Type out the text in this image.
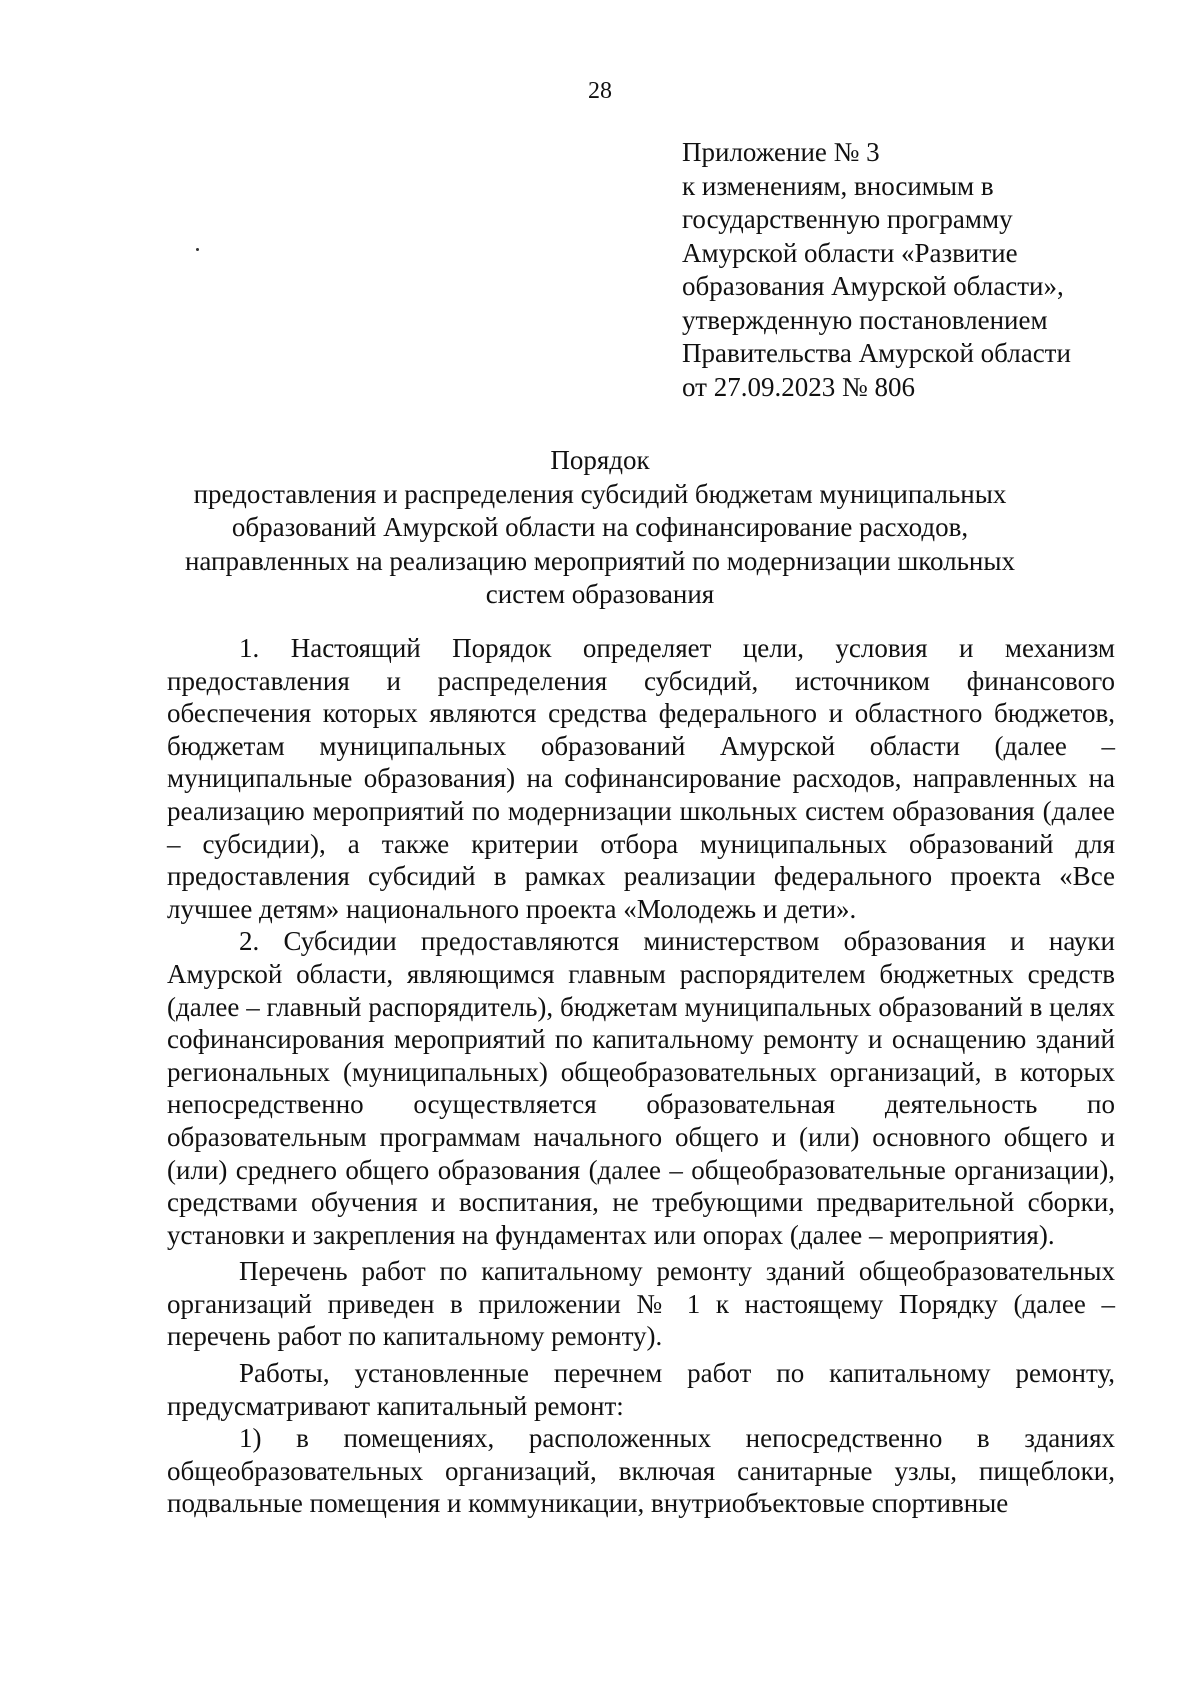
28
Приложение № 3
к изменениям, вносимым в
государственную программу
Амурской области «Развитие
образования Амурской области»,
утвержденную постановлением
Правительства Амурской области
от 27.09.2023 № 806
Порядок
предоставления и распределения субсидий бюджетам муниципальных
образований Амурской области на софинансирование расходов,
направленных на реализацию мероприятий по модернизации школьных
систем образования

1. Настоящий Порядок определяет цели, условия и механизм предоставления и распределения субсидий, источником финансового обеспечения которых являются средства федерального и областного бюджетов, бюджетам муниципальных образований Амурской области (далее – муниципальные образования) на софинансирование расходов, направленных на реализацию мероприятий по модернизации школьных систем образования (далее – субсидии), а также критерии отбора муниципальных образований для предоставления субсидий в рамках реализации федерального проекта «Все лучшее детям» национального проекта «Молодежь и дети».

2. Субсидии предоставляются министерством образования и науки Амурской области, являющимся главным распорядителем бюджетных средств (далее – главный распорядитель), бюджетам муниципальных образований в целях софинансирования мероприятий по капитальному ремонту и оснащению зданий региональных (муниципальных) общеобразовательных организаций, в которых непосредственно осуществляется образовательная деятельность по образовательным программам начального общего и (или) основного общего и (или) среднего общего образования (далее – общеобразовательные организации), средствами обучения и воспитания, не требующими предварительной сборки, установки и закрепления на фундаментах или опорах (далее – мероприятия).

Перечень работ по капитальному ремонту зданий общеобразовательных организаций приведен в приложении № 1 к настоящему Порядку (далее – перечень работ по капитальному ремонту).

Работы, установленные перечнем работ по капитальному ремонту, предусматривают капитальный ремонт:

1) в помещениях, расположенных непосредственно в зданиях общеобразовательных организаций, включая санитарные узлы, пищеблоки, подвальные помещения и коммуникации, внутриобъектовые спортивные
